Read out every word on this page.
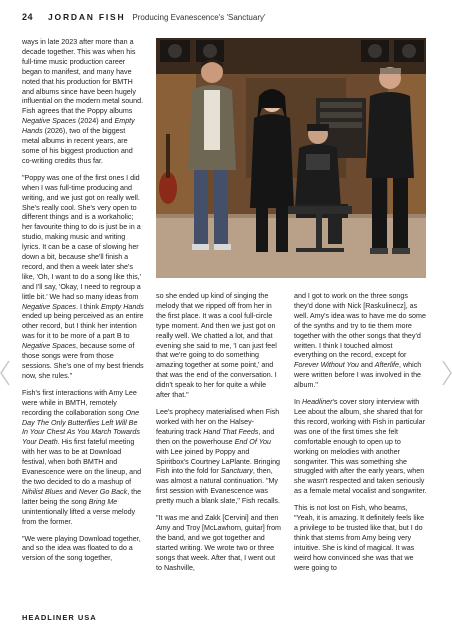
24	JORDAN FISH Producing Evanescence's 'Sanctuary'

ways in late 2023 after more than a decade together. This was when his full-time music production career began to manifest, and many have noted that his production for BMTH and albums since have been hugely influential on the modern metal sound. Fish agrees that the Poppy albums Negative Spaces (2024) and Empty Hands (2026), two of the biggest metal albums in recent years, are some of his biggest production and co-writing credits thus far.

"Poppy was one of the first ones I did when I was full-time producing and writing, and we just got on really well. She's really cool. She's very open to different things and is a workaholic; her favourite thing to do is just be in a studio, making music and writing lyrics. It can be a case of slowing her down a bit, because she'll finish a record, and then a week later she's like, 'Oh, I want to do a song like this,' and I'll say, 'Okay, I need to regroup a little bit.' We had so many ideas from Negative Spaces. I think Empty Hands ended up being perceived as an entire other record, but I think her intention was for it to be more of a part B to Negative Spaces, because some of those songs were from those sessions. She's one of my best friends now, she rules."

Fish's first interactions with Amy Lee were while in BMTH, remotely recording the collaboration song One Day The Only Butterflies Left Will Be In Your Chest As You March Towards Your Death. His first fateful meeting with her was to be at Download festival, when both BMTH and Evanescence were on the lineup, and the two decided to do a mashup of Nihilist Blues and Never Go Back, the latter being the song Bring Me unintentionally lifted a verse melody from the former.

"We were playing Download together, and so the idea was floated to do a version of the song together,

so she ended up kind of singing the melody that we ripped off from her in the first place. It was a cool full-circle type moment. And then we just got on really well. We chatted a lot, and that evening she said to me, 'I can just feel that we're going to do something amazing together at some point,' and that was the end of the conversation. I didn't speak to her for quite a while after that."

Lee's prophecy materialised when Fish worked with her on the Halsey-featuring track Hand That Feeds, and then on the powerhouse End Of You with Lee joined by Poppy and Spiritbox's Courtney LaPlante. Bringing Fish into the fold for Sanctuary, then, was almost a natural continuation. "My first session with Evanescence was pretty much a blank slate," Fish recalls.

"It was me and Zakk [Cervini] and then Amy and Troy [McLawhorn, guitar] from the band, and we got together and started writing. We wrote two or three songs that week. After that, I went out to Nashville,

and I got to work on the three songs they'd done with Nick [Raskulinecz], as well. Amy's idea was to have me do some of the synths and try to tie them more together with the other songs that they'd written. I think I touched almost everything on the record, except for Forever Without You and Afterlife, which were written before I was involved in the album."

In Headliner's cover story interview with Lee about the album, she shared that for this record, working with Fish in particular was one of the first times she felt comfortable enough to open up to working on melodies with another songwriter. This was something she struggled with after the early years, when she wasn't respected and taken seriously as a female metal vocalist and songwriter.

This is not lost on Fish, who beams, "Yeah, it is amazing. It definitely feels like a privilege to be trusted like that, but I do think that stems from Amy being very intuitive. She is kind of magical. It was weird how convinced she was that we were going to

HEADLINER USA
